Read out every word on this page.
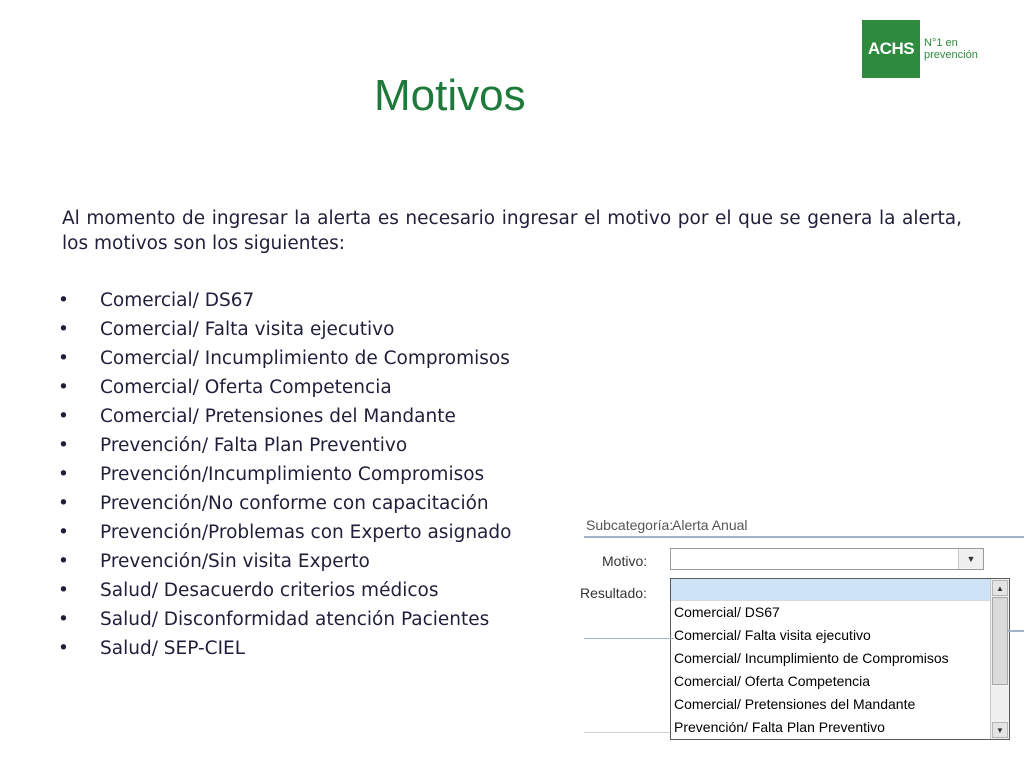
ACHS N°1 en
prevención
Motivos
Al momento de ingresar la alerta es necesario ingresar el motivo por el que se genera la alerta, los motivos son los siguientes:
•	Comercial/ DS67
•	Comercial/ Falta visita ejecutivo
•	Comercial/ Incumplimiento de Compromisos
•	Comercial/ Oferta Competencia
•	Comercial/ Pretensiones del Mandante
•	Prevención/ Falta Plan Preventivo
•	Prevención/Incumplimiento Compromisos
•	Prevención/No conforme con capacitación
•	Prevención/Problemas con Experto asignado
•	Prevención/Sin visita Experto
•	Salud/ Desacuerdo criterios médicos
•	Salud/ Disconformidad atención Pacientes
•	Salud/ SEP-CIEL
Subcategoría:
Alerta Anual
Motivo:	▼
Resultado:
Comercial/ DS67
Comercial/ Falta visita ejecutivo
Comercial/ Incumplimiento de Compromisos
Comercial/ Oferta Competencia
Comercial/ Pretensiones del Mandante
Prevención/ Falta Plan Preventivo
▲
▼
